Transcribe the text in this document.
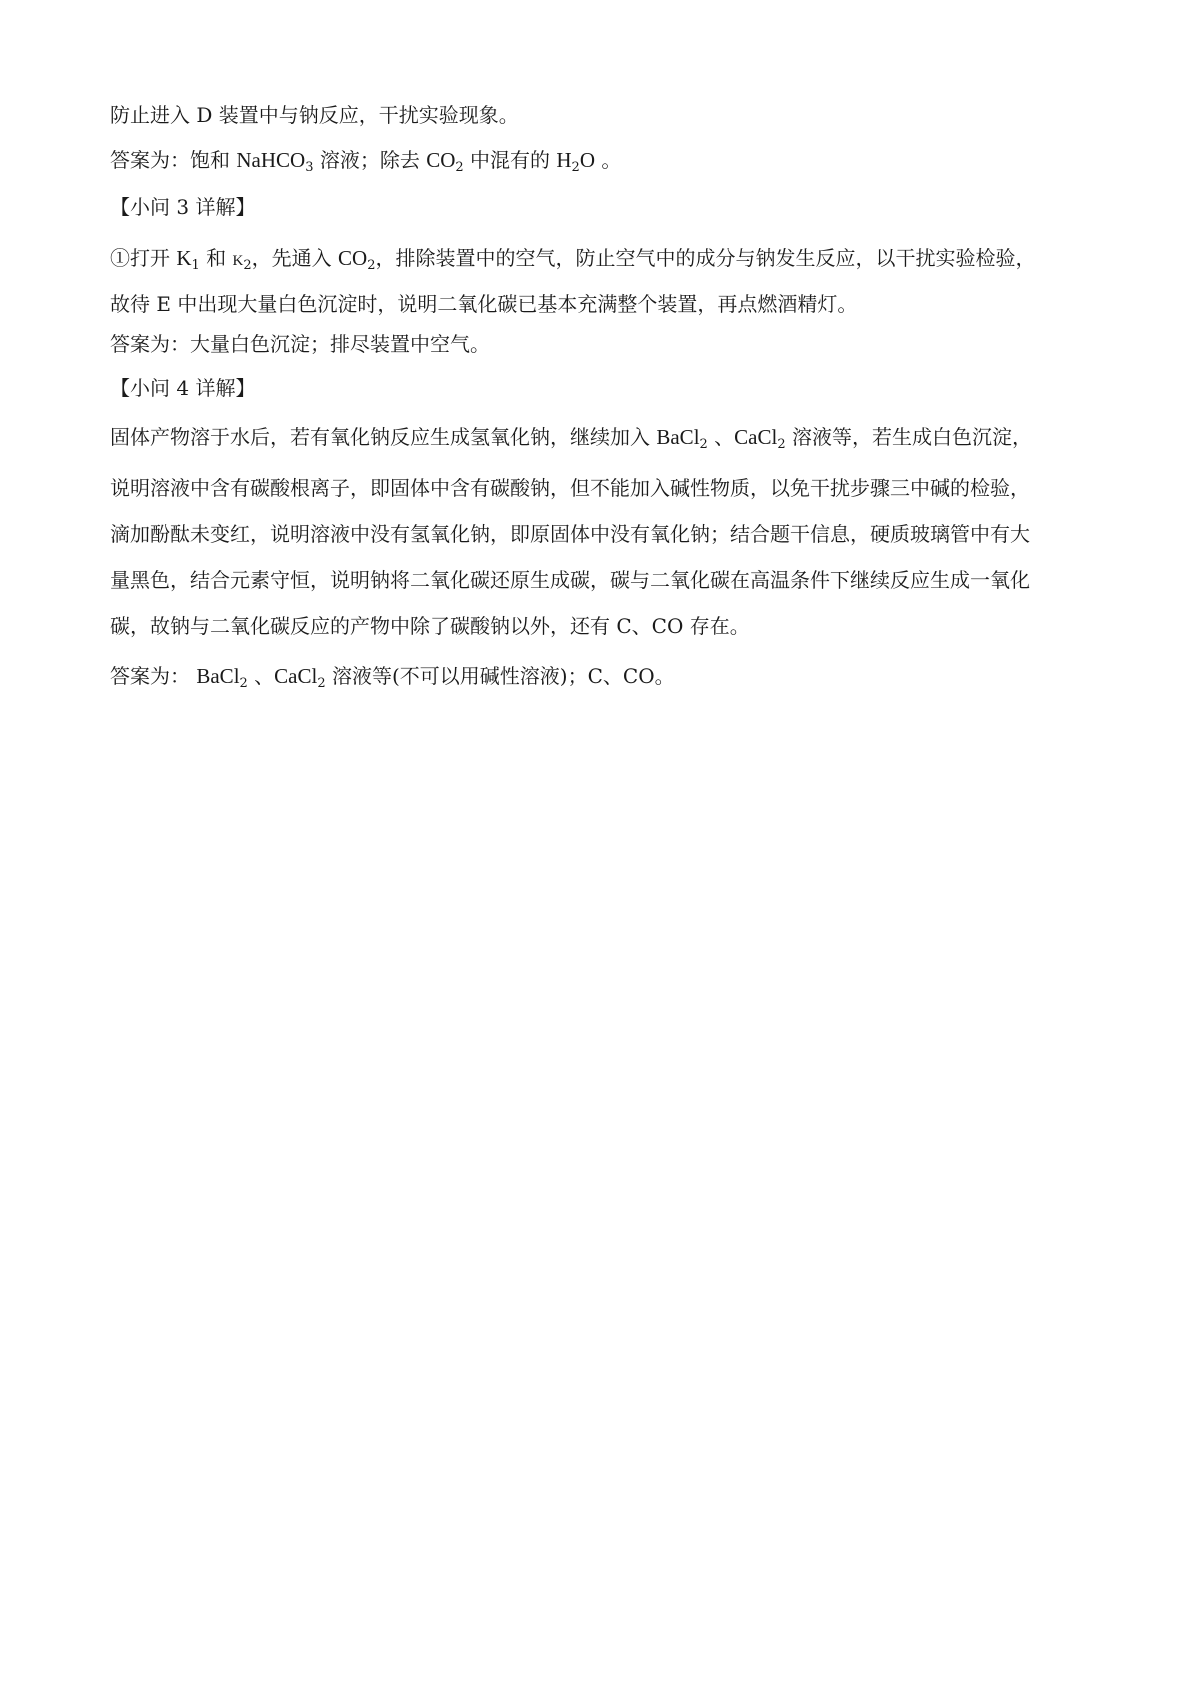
防止进入 D 装置中与钠反应，干扰实验现象。
答案为：饱和 NaHCO$_3$ 溶液；除去 $CO_2$ 中混有的 $H_2O$ 。
【小问 3 详解】
①打开 $K_1$ 和 $K_2$，先通入 $CO_2$，排除装置中的空气，防止空气中的成分与钠发生反应，以干扰实验检验，
故待 E 中出现大量白色沉淀时，说明二氧化碳已基本充满整个装置，再点燃酒精灯。
答案为：大量白色沉淀；排尽装置中空气。
【小问 4 详解】
固体产物溶于水后，若有氧化钠反应生成氢氧化钠，继续加入 BaCl$_2$ 、CaCl$_2$ 溶液等，若生成白色沉淀，
说明溶液中含有碳酸根离子，即固体中含有碳酸钠，但不能加入碱性物质，以免干扰步骤三中碱的检验，
滴加酚酞未变红，说明溶液中没有氢氧化钠，即原固体中没有氧化钠；结合题干信息，硬质玻璃管中有大
量黑色，结合元素守恒，说明钠将二氧化碳还原生成碳，碳与二氧化碳在高温条件下继续反应生成一氧化
碳，故钠与二氧化碳反应的产物中除了碳酸钠以外，还有 C、CO 存在。
答案为： BaCl$_2$ 、CaCl$_2$ 溶液等(不可以用碱性溶液)；C、CO。
